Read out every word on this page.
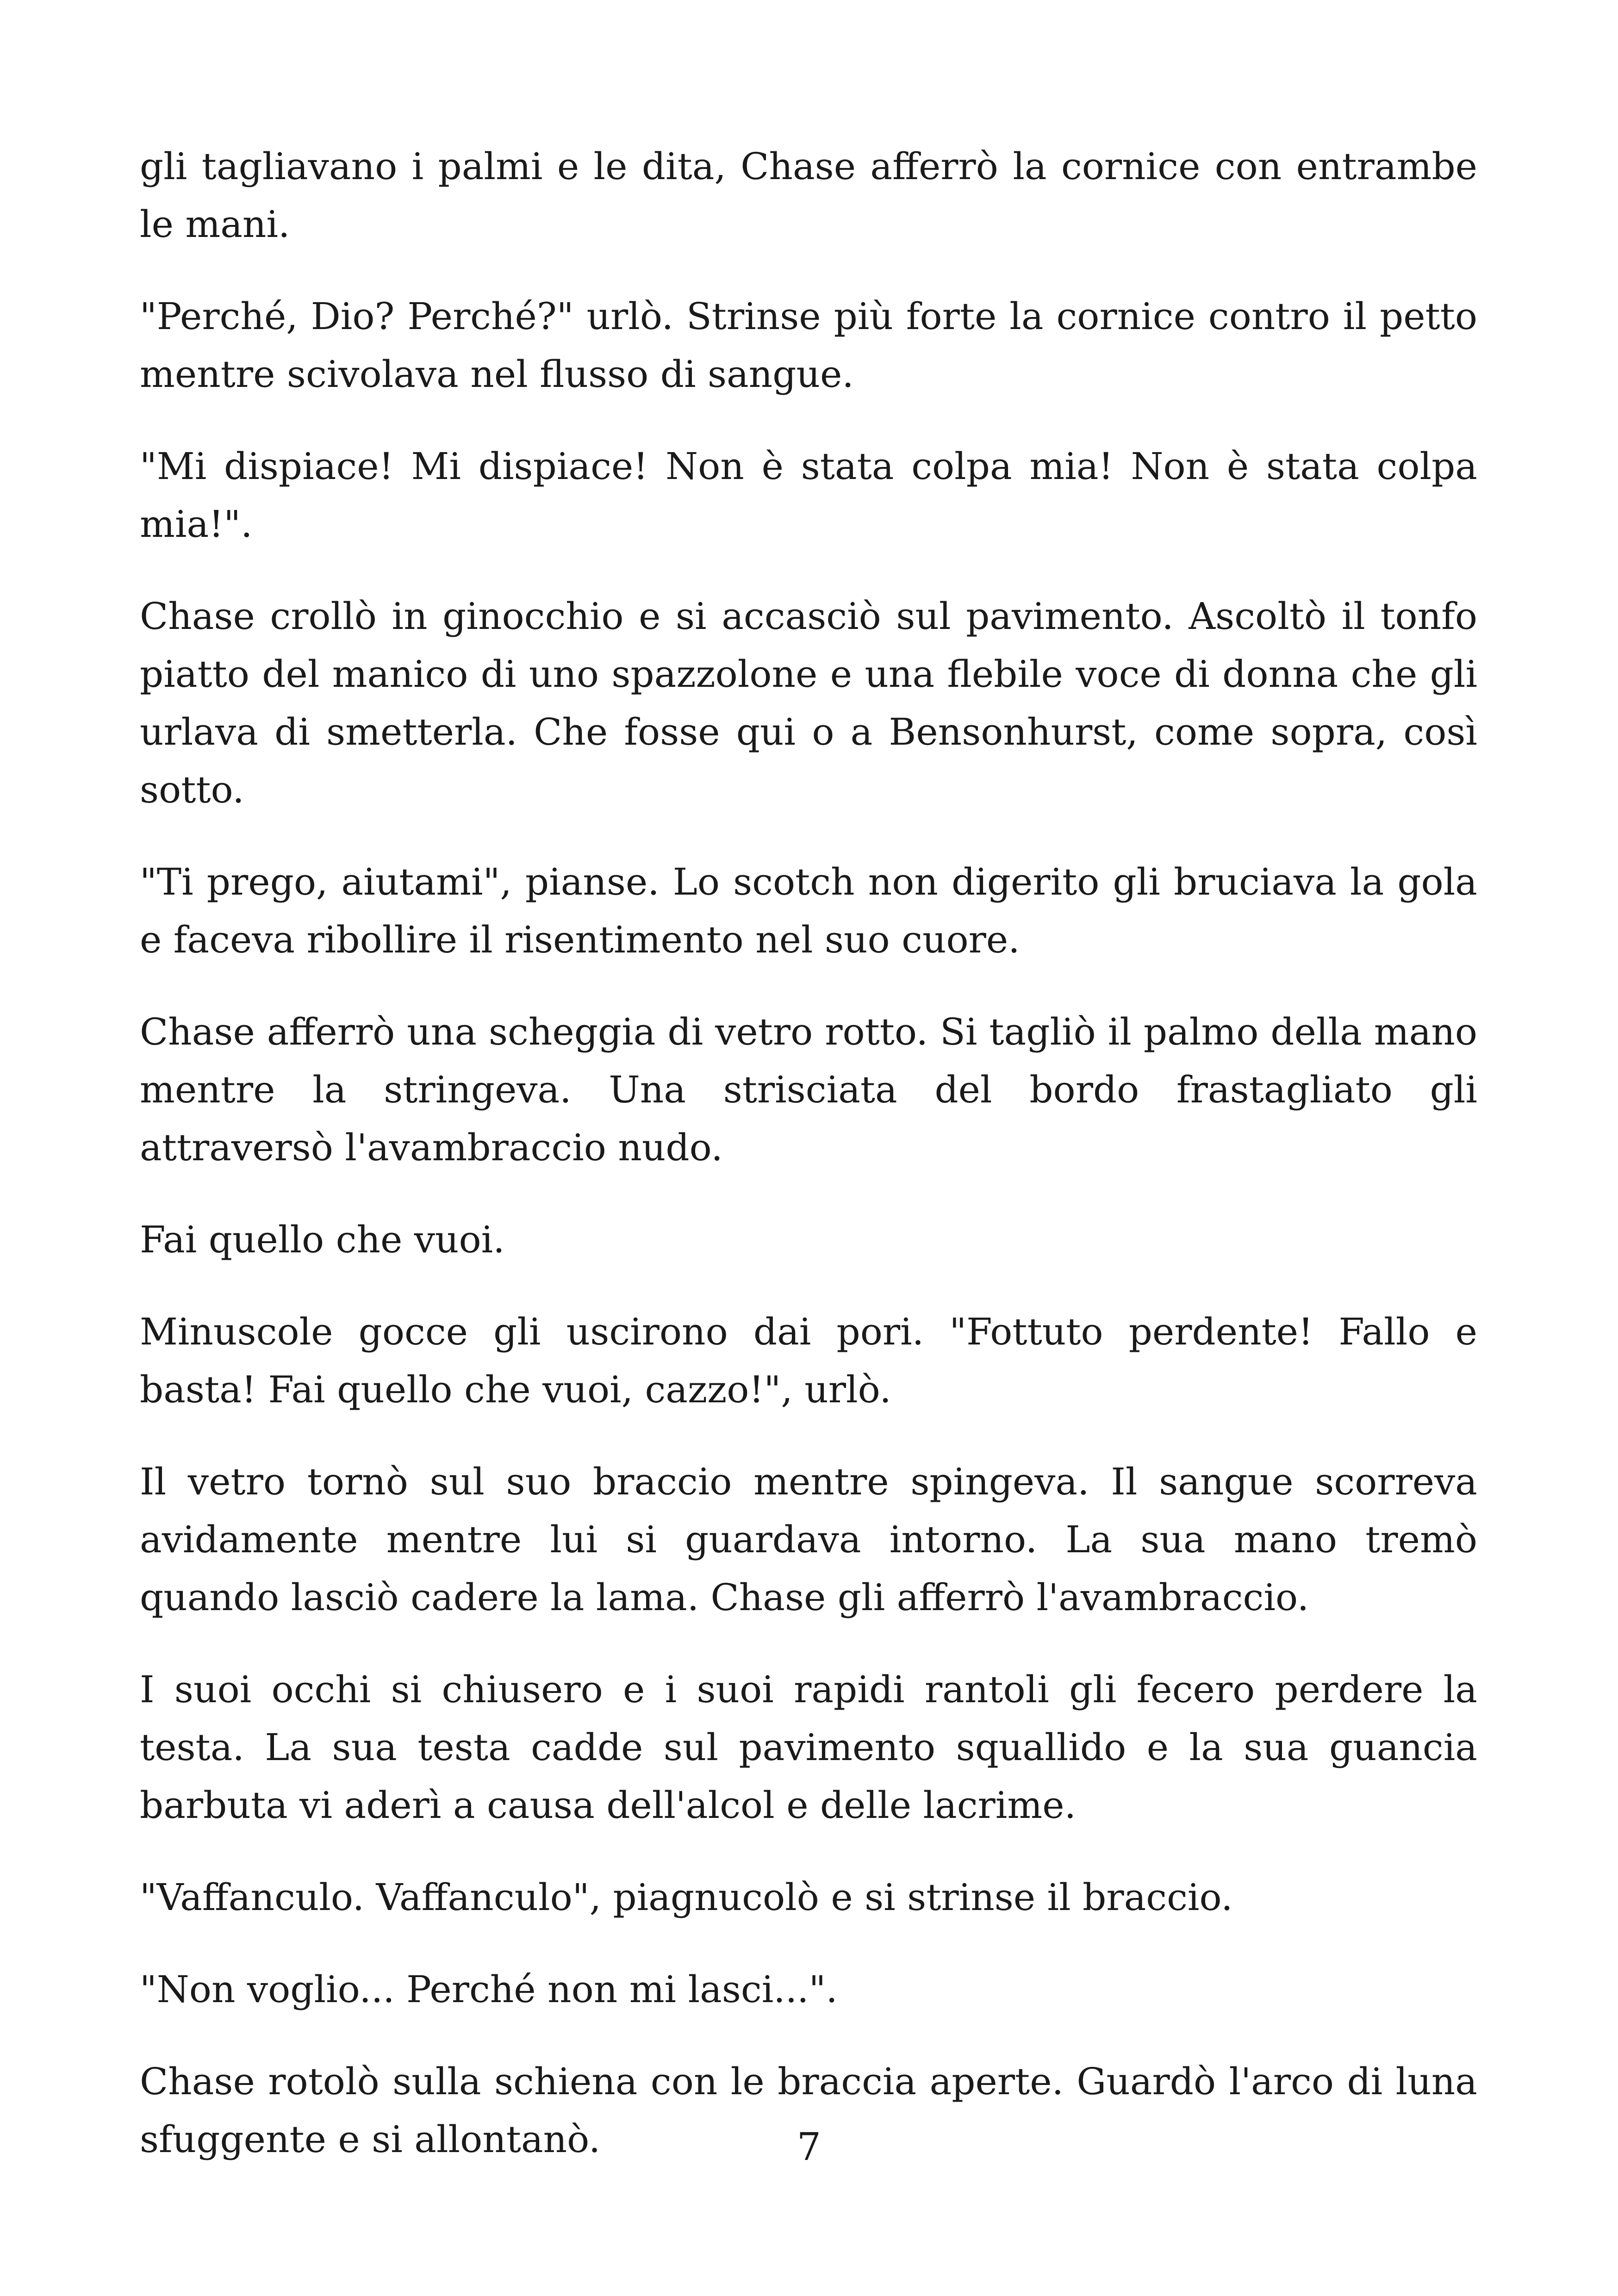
gli tagliavano i palmi e le dita, Chase afferrò la cornice con entrambe le mani.

"Perché, Dio? Perché?" urlò. Strinse più forte la cornice contro il petto mentre scivolava nel flusso di sangue.

"Mi dispiace! Mi dispiace! Non è stata colpa mia! Non è stata colpa mia!".

Chase crollò in ginocchio e si accasciò sul pavimento. Ascoltò il tonfo piatto del manico di uno spazzolone e una flebile voce di donna che gli urlava di smetterla. Che fosse qui o a Bensonhurst, come sopra, così sotto.

"Ti prego, aiutami", pianse. Lo scotch non digerito gli bruciava la gola e faceva ribollire il risentimento nel suo cuore.

Chase afferrò una scheggia di vetro rotto. Si tagliò il palmo della mano mentre la stringeva. Una strisciata del bordo frastagliato gli attraversò l'avambraccio nudo.

Fai quello che vuoi.

Minuscole gocce gli uscirono dai pori. "Fottuto perdente! Fallo e basta! Fai quello che vuoi, cazzo!", urlò.

Il vetro tornò sul suo braccio mentre spingeva. Il sangue scorreva avidamente mentre lui si guardava intorno. La sua mano tremò quando lasciò cadere la lama. Chase gli afferrò l'avambraccio.

I suoi occhi si chiusero e i suoi rapidi rantoli gli fecero perdere la testa. La sua testa cadde sul pavimento squallido e la sua guancia barbuta vi aderì a causa dell'alcol e delle lacrime.

"Vaffanculo. Vaffanculo", piagnucolò e si strinse il braccio.

"Non voglio... Perché non mi lasci...".

Chase rotolò sulla schiena con le braccia aperte. Guardò l'arco di luna sfuggente e si allontanò.	7
